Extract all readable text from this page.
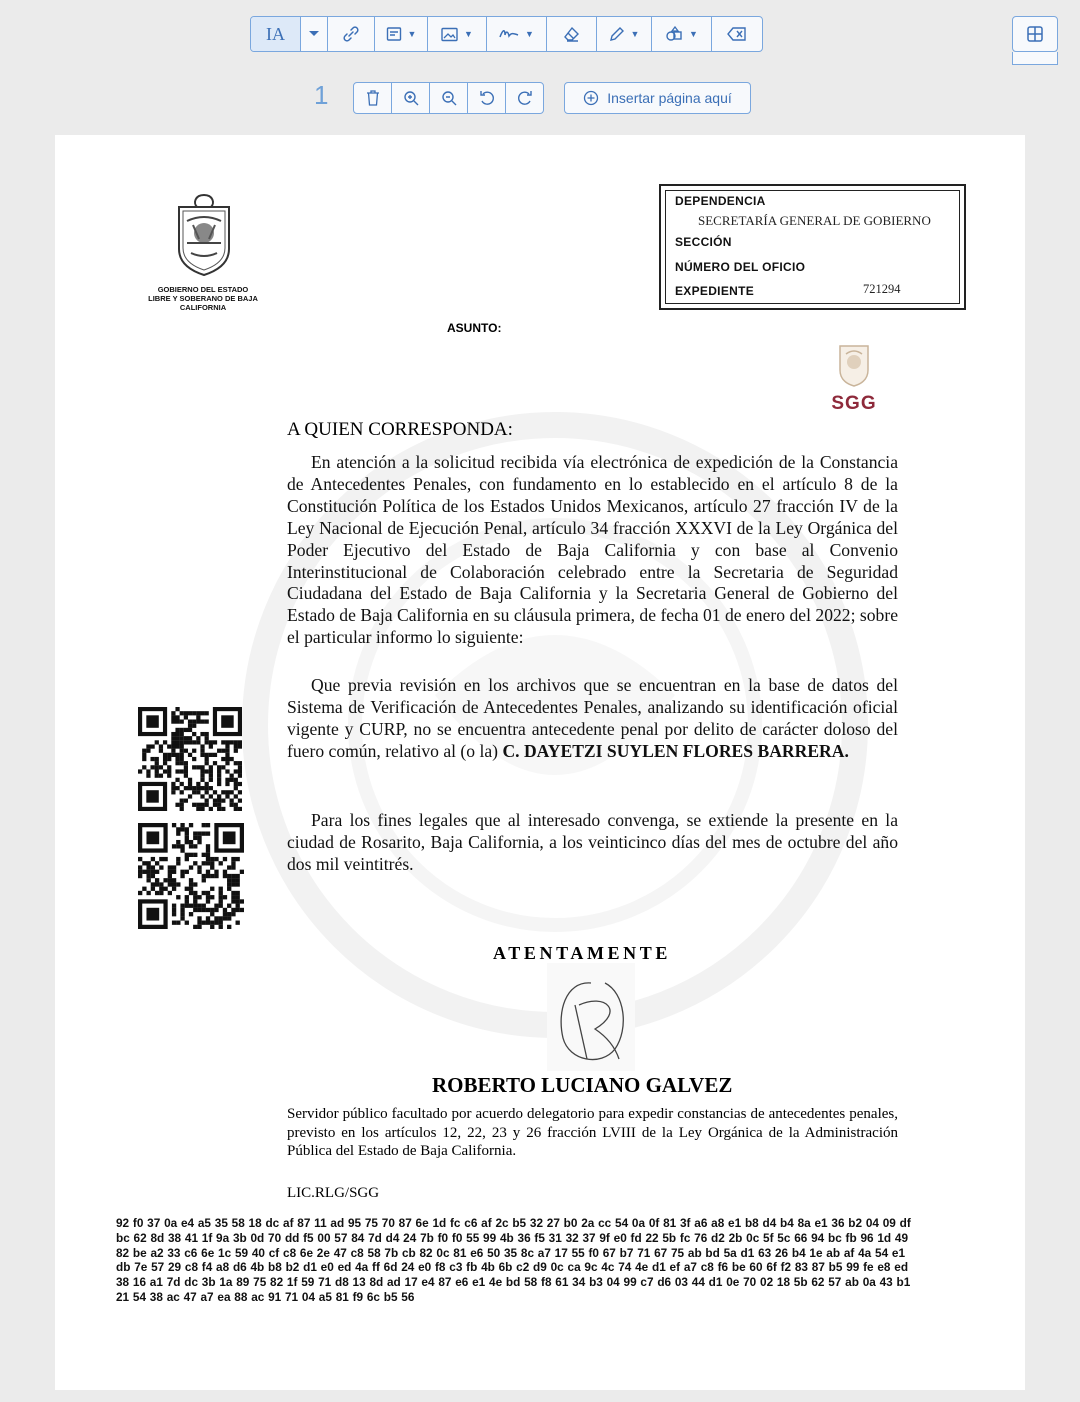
IA	▼	▼	▼	▼	▼
1	Insertar página aquí
GOBIERNO DEL ESTADO LIBRE Y SOBERANO DE BAJA CALIFORNIA
DEPENDENCIA
SECRETARÍA GENERAL DE GOBIERNO
SECCIÓN
NÚMERO DEL OFICIO
EXPEDIENTE	721294
ASUNTO:
SGG
A QUIEN CORRESPONDA:
En atención a la solicitud recibida vía electrónica de expedición de la Constancia de Antecedentes Penales, con fundamento en lo establecido en el artículo 8 de la Constitución Política de los Estados Unidos Mexicanos, artículo 27 fracción IV de la Ley Nacional de Ejecución Penal, artículo 34 fracción XXXVI de la Ley Orgánica del Poder Ejecutivo del Estado de Baja California y con base al Convenio Interinstitucional de Colaboración celebrado entre la Secretaria de Seguridad Ciudadana del Estado de Baja California y la Secretaria General de Gobierno del Estado de Baja California en su cláusula primera, de fecha 01 de enero del 2022; sobre el particular informo lo siguiente:
Que previa revisión en los archivos que se encuentran en la base de datos del Sistema de Verificación de Antecedentes Penales, analizando su identificación oficial vigente y CURP, no se encuentra antecedente penal por delito de carácter doloso del fuero común, relativo al (o la) C. DAYETZI SUYLEN FLORES BARRERA.
Para los fines legales que al interesado convenga, se extiende la presente en la ciudad de Rosarito, Baja California, a los veinticinco días del mes de octubre del año dos mil veintitrés.
ATENTAMENTE
ROBERTO LUCIANO GALVEZ
Servidor público facultado por acuerdo delegatorio para expedir constancias de antecedentes penales, previsto en los artículos 12, 22, 23 y 26 fracción LVIII de la Ley Orgánica de la Administración Pública del Estado de Baja California.
LIC.RLG/SGG
92 f0 37 0a e4 a5 35 58 18 dc af 87 11 ad 95 75 70 87 6e 1d fc c6 af 2c b5 32 27 b0 2a cc 54 0a 0f 81 3f a6 a8 e1 b8 d4 b4 8a e1 36 b2 04 09 df
bc 62 8d 38 41 1f 9a 3b 0d 70 dd f5 00 57 84 7d d4 24 7b f0 f0 55 99 4b 36 f5 31 32 37 9f e0 fd 22 5b fc 76 d2 2b 0c 5f 5c 66 94 bc fb 96 1d 49
82 be a2 33 c6 6e 1c 59 40 cf c8 6e 2e 47 c8 58 7b cb 82 0c 81 e6 50 35 8c a7 17 55 f0 67 b7 71 67 75 ab bd 5a d1 63 26 b4 1e ab af 4a 54 e1
db 7e 57 29 c8 f4 a8 d6 4b b8 b2 d1 e0 ed 4a ff 6d 24 e0 f8 c3 fb 4b 6b c2 d9 0c ca 9c 4c 74 4e d1 ef a7 c8 f6 be 60 6f f2 83 87 b5 99 fe e8 ed
38 16 a1 7d dc 3b 1a 89 75 82 1f 59 71 d8 13 8d ad 17 e4 87 e6 e1 4e bd 58 f8 61 34 b3 04 99 c7 d6 03 44 d1 0e 70 02 18 5b 62 57 ab 0a 43 b1
21 54 38 ac 47 a7 ea 88 ac 91 71 04 a5 81 f9 6c b5 56
